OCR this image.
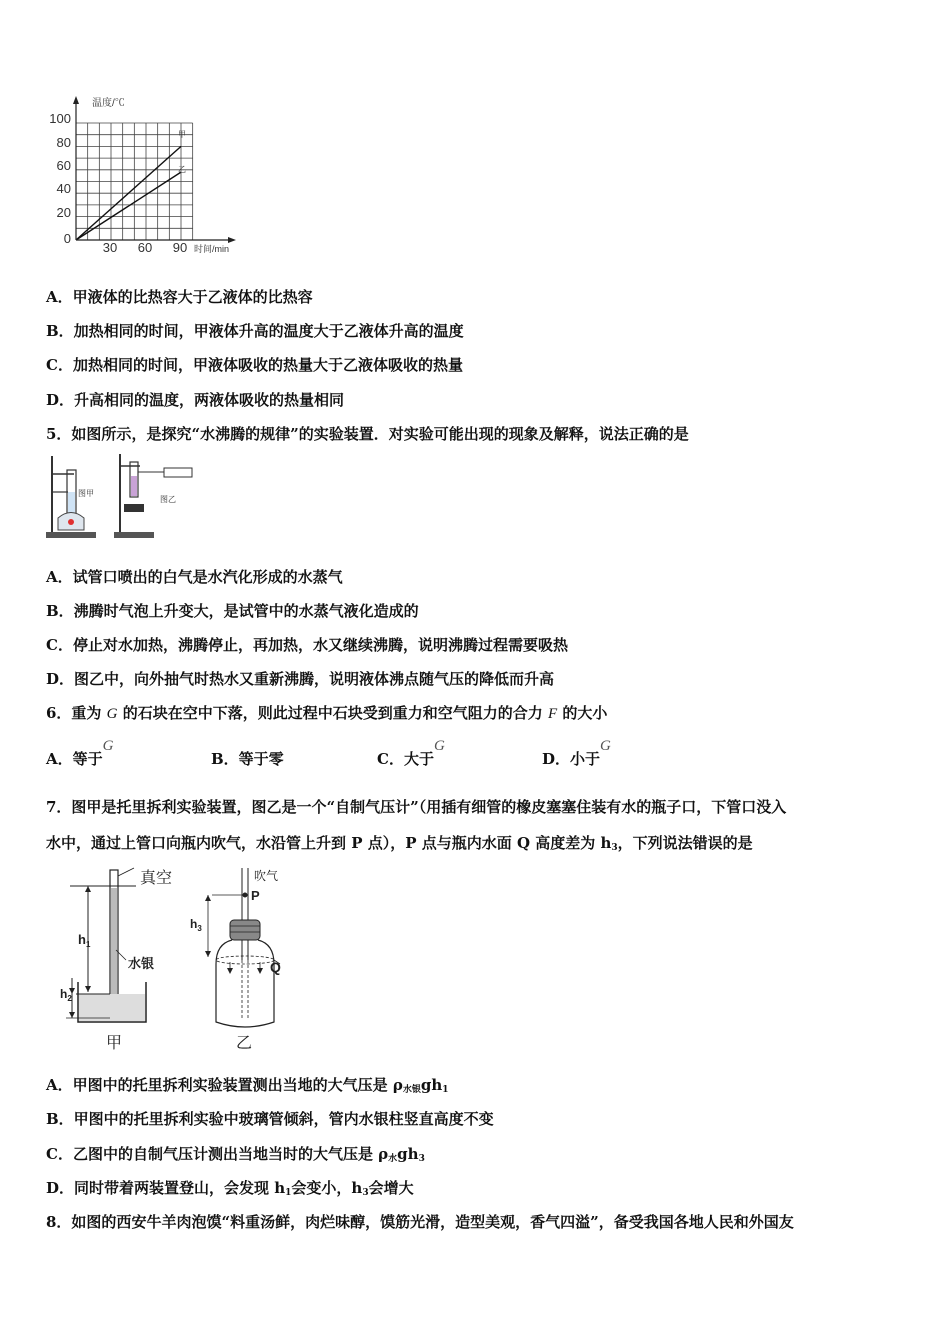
温度/℃
时间/min
100
80
60
40
20
0
30 60 90
甲
乙
A．甲液体的比热容大于乙液体的比热容
B．加热相同的时间，甲液体升高的温度大于乙液体升高的温度
C．加热相同的时间，甲液体吸收的热量大于乙液体吸收的热量
D．升高相同的温度，两液体吸收的热量相同
5．如图所示，是探究“水沸腾的规律”的实验装置．对实验可能出现的现象及解释，说法正确的是
图甲
图乙
A．试管口喷出的白气是水汽化形成的水蒸气
B．沸腾时气泡上升变大，是试管中的水蒸气液化造成的
C．停止对水加热，沸腾停止，再加热，水又继续沸腾，说明沸腾过程需要吸热
D．图乙中，向外抽气时热水又重新沸腾，说明液体沸点随气压的降低而升高
6．重为 G 的石块在空中下落，则此过程中石块受到重力和空气阻力的合力 F 的大小
A．等于G
B．等于零	C．大于G
D．小于G
7．图甲是托里拆利实验装置，图乙是一个“自制气压计”（用插有细管的橡皮塞塞住装有水的瓶子口，下管口没入
水中，通过上管口向瓶内吹气，水沿管上升到 P 点），P 点与瓶内水面 Q 高度差为 $h_3$，下列说法错误的是
真空
$h_1$
水银
$h_2$
甲
吹气
P
$h_3$
Q
乙
A．甲图中的托里拆利实验装置测出当地的大气压是 $\rho_{水银}gh_1$
B．甲图中的托里拆利实验中玻璃管倾斜，管内水银柱竖直高度不变
C．乙图中的自制气压计测出当地当时的大气压是 $\rho_水gh_3$
D．同时带着两装置登山，会发现 $h_1$会变小，$h_3$会增大
8．如图的西安牛羊肉泡馍“料重汤鲜，肉烂味醇，馍筋光滑，造型美观，香气四溢”，备受我国各地人民和外国友
